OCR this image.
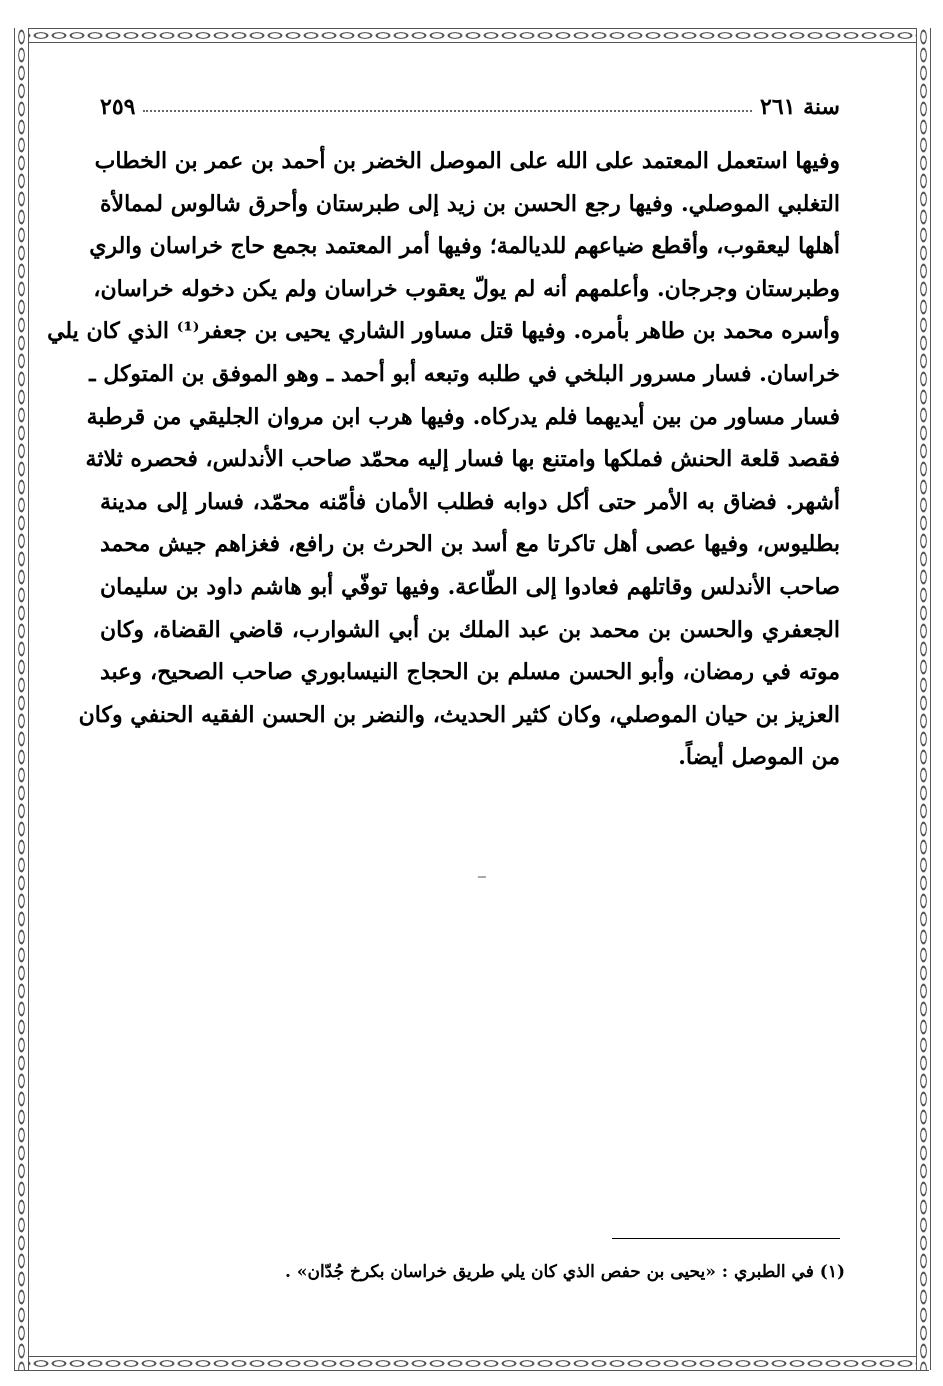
سنة ٢٦١
٢٥٩
وفيها استعمل المعتمد على الله على الموصل الخضر بن أحمد بن عمر بن الخطاب
التغلبي الموصلي. وفيها رجع الحسن بن زيد إلى طبرستان وأحرق شالوس لممالأة
أهلها ليعقوب، وأقطع ضياعهم للديالمة؛ وفيها أمر المعتمد بجمع حاج خراسان والري
وطبرستان وجرجان. وأعلمهم أنه لم يولّ يعقوب خراسان ولم يكن دخوله خراسان،
وأسره محمد بن طاهر بأمره. وفيها قتل مساور الشاري يحيى بن جعفر⁽¹⁾ الذي كان يلي
خراسان. فسار مسرور البلخي في طلبه وتبعه أبو أحمد ـ وهو الموفق بن المتوكل ـ
فسار مساور من بين أيديهما فلم يدركاه. وفيها هرب ابن مروان الجليقي من قرطبة
فقصد قلعة الحنش فملكها وامتنع بها فسار إليه محمّد صاحب الأندلس، فحصره ثلاثة
أشهر. فضاق به الأمر حتى أكل دوابه فطلب الأمان فأمّنه محمّد، فسار إلى مدينة
بطليوس، وفيها عصى أهل تاكرتا مع أسد بن الحرث بن رافع، فغزاهم جيش محمد
صاحب الأندلس وقاتلهم فعادوا إلى الطّاعة. وفيها توفّي أبو هاشم داود بن سليمان
الجعفري والحسن بن محمد بن عبد الملك بن أبي الشوارب، قاضي القضاة، وكان
موته في رمضان، وأبو الحسن مسلم بن الحجاج النيسابوري صاحب الصحيح، وعبد
العزيز بن حيان الموصلي، وكان كثير الحديث، والنضر بن الحسن الفقيه الحنفي وكان
من الموصل أيضاً.
(١) في الطبري : «يحيى بن حفص الذي كان يلي طريق خراسان بكرخ جُدّان» .
